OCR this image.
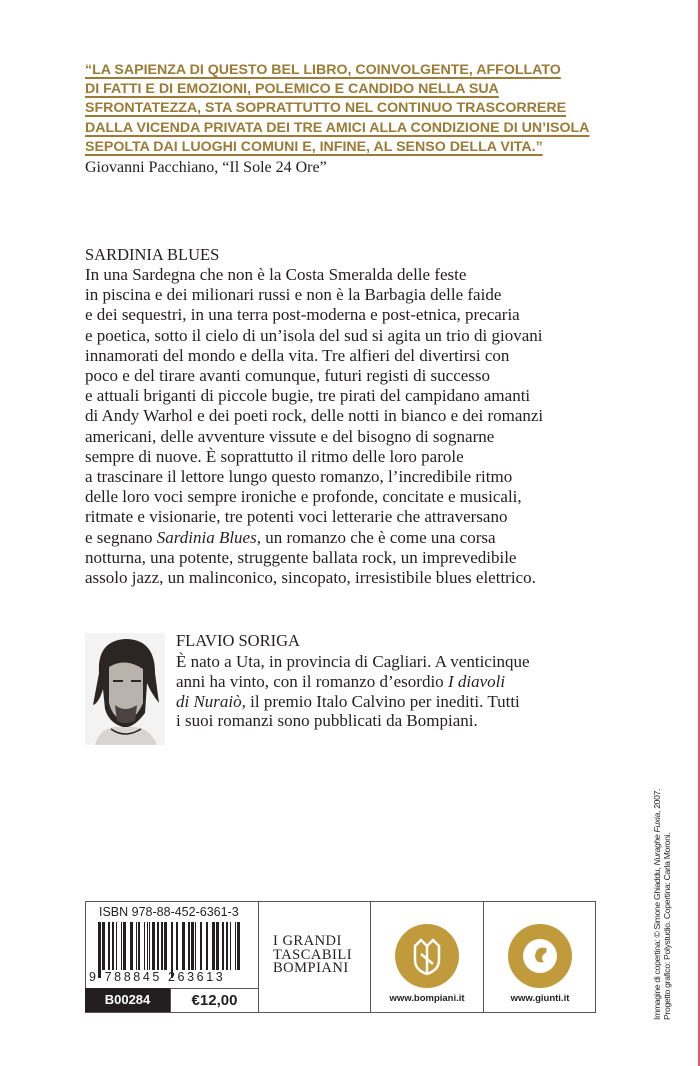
“LA SAPIENZA DI QUESTO BEL LIBRO, COINVOLGENTE, AFFOLLATO
DI FATTI E DI EMOZIONI, POLEMICO E CANDIDO NELLA SUA
SFRONTATEZZA, STA SOPRATTUTTO NEL CONTINUO TRASCORRERE
DALLA VICENDA PRIVATA DEI TRE AMICI ALLA CONDIZIONE DI UN’ISOLA
SEPOLTA DAI LUOGHI COMUNI E, INFINE, AL SENSO DELLA VITA.”
Giovanni Pacchiano, “Il Sole 24 Ore”
SARDINIA BLUES
In una Sardegna che non è la Costa Smeralda delle feste
in piscina e dei milionari russi e non è la Barbagia delle faide
e dei sequestri, in una terra post-moderna e post-etnica, precaria
e poetica, sotto il cielo di un’isola del sud si agita un trio di giovani
innamorati del mondo e della vita. Tre alfieri del divertirsi con
poco e del tirare avanti comunque, futuri registi di successo
e attuali briganti di piccole bugie, tre pirati del campidano amanti
di Andy Warhol e dei poeti rock, delle notti in bianco e dei romanzi
americani, delle avventure vissute e del bisogno di sognarne
sempre di nuove. È soprattutto il ritmo delle loro parole
a trascinare il lettore lungo questo romanzo, l’incredibile ritmo
delle loro voci sempre ironiche e profonde, concitate e musicali,
ritmate e visionarie, tre potenti voci letterarie che attraversano
e segnano Sardinia Blues, un romanzo che è come una corsa
notturna, una potente, struggente ballata rock, un imprevedibile
assolo jazz, un malinconico, sincopato, irresistibile blues elettrico.
FLAVIO SORIGA
È nato a Uta, in provincia di Cagliari. A venticinque
anni ha vinto, con il romanzo d’esordio I diavoli
di Nuraiò, il premio Italo Calvino per inediti. Tutti
i suoi romanzi sono pubblicati da Bompiani.
Immagine di copertina: © Simone Ghiaddu, Nuraghe Fuxia, 2007.
Progetto grafico: Polystudio. Copertina: Carla Moroni.
ISBN 978-88-452-6361-3
9 788845 263613
B00284	€12,00
I GRANDI
TASCABILI
BOMPIANI
www.bompiani.it	www.giunti.it
